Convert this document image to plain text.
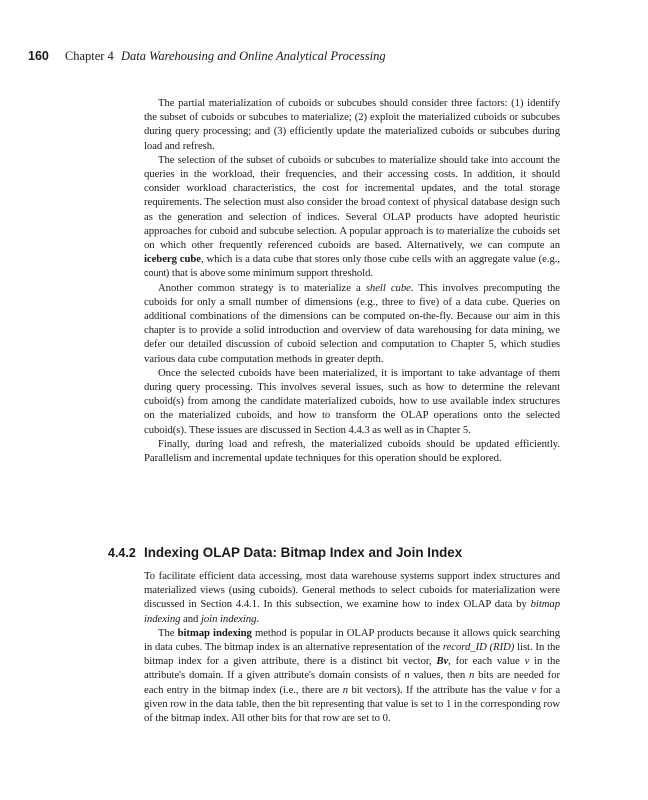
160 Chapter 4 Data Warehousing and Online Analytical Processing

The partial materialization of cuboids or subcubes should consider three factors: (1) identify the subset of cuboids or subcubes to materialize; (2) exploit the materialized cuboids or subcubes during query processing; and (3) efficiently update the materialized cuboids or subcubes during load and refresh.

The selection of the subset of cuboids or subcubes to materialize should take into account the queries in the workload, their frequencies, and their accessing costs. In addition, it should consider workload characteristics, the cost for incremental updates, and the total storage requirements. The selection must also consider the broad context of physical database design such as the generation and selection of indices. Several OLAP products have adopted heuristic approaches for cuboid and subcube selection. A popular approach is to materialize the cuboids set on which other frequently referenced cuboids are based. Alternatively, we can compute an iceberg cube, which is a data cube that stores only those cube cells with an aggregate value (e.g., count) that is above some minimum support threshold.

Another common strategy is to materialize a shell cube. This involves precomputing the cuboids for only a small number of dimensions (e.g., three to five) of a data cube. Queries on additional combinations of the dimensions can be computed on-the-fly. Because our aim in this chapter is to provide a solid introduction and overview of data warehousing for data mining, we defer our detailed discussion of cuboid selection and computation to Chapter 5, which studies various data cube computation methods in greater depth.

Once the selected cuboids have been materialized, it is important to take advantage of them during query processing. This involves several issues, such as how to determine the relevant cuboid(s) from among the candidate materialized cuboids, how to use available index structures on the materialized cuboids, and how to transform the OLAP operations onto the selected cuboid(s). These issues are discussed in Section 4.4.3 as well as in Chapter 5.

Finally, during load and refresh, the materialized cuboids should be updated efficiently. Parallelism and incremental update techniques for this operation should be explored.

4.4.2 Indexing OLAP Data: Bitmap Index and Join Index

To facilitate efficient data accessing, most data warehouse systems support index structures and materialized views (using cuboids). General methods to select cuboids for materialization were discussed in Section 4.4.1. In this subsection, we examine how to index OLAP data by bitmap indexing and join indexing.

The bitmap indexing method is popular in OLAP products because it allows quick searching in data cubes. The bitmap index is an alternative representation of the record_ID (RID) list. In the bitmap index for a given attribute, there is a distinct bit vector, Bv, for each value v in the attribute's domain. If a given attribute's domain consists of n values, then n bits are needed for each entry in the bitmap index (i.e., there are n bit vectors). If the attribute has the value v for a given row in the data table, then the bit representing that value is set to 1 in the corresponding row of the bitmap index. All other bits for that row are set to 0.
